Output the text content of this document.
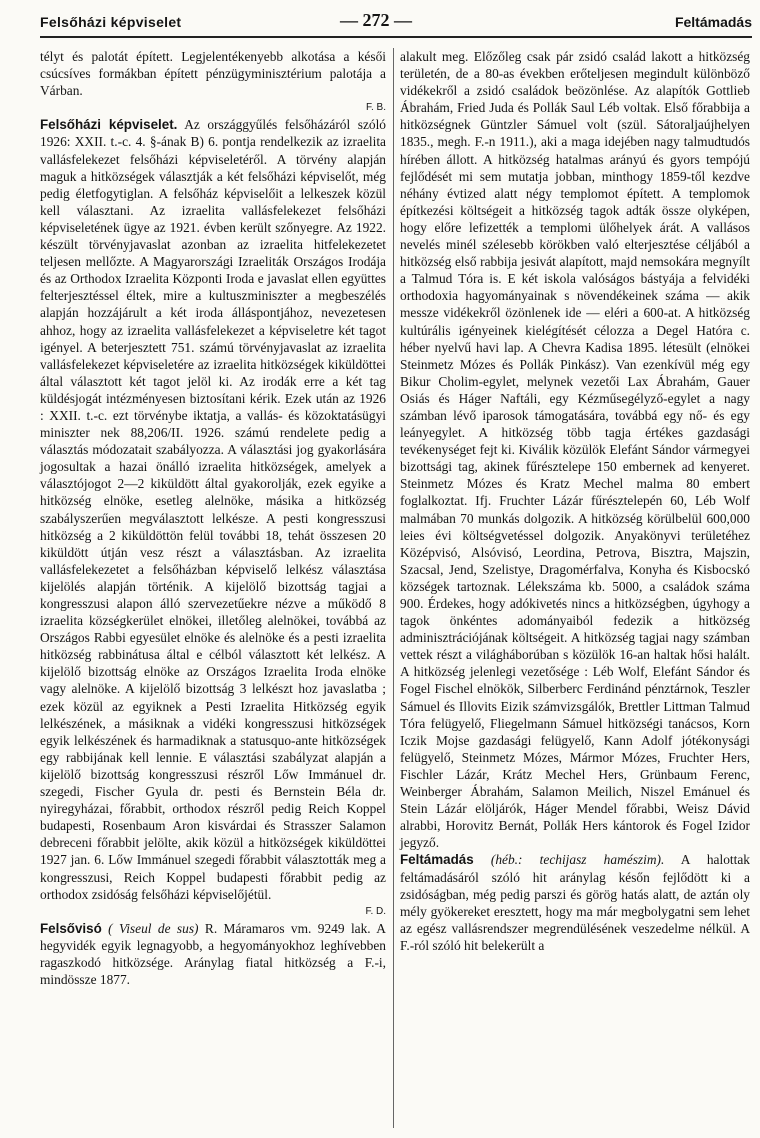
Felsőházi képviselet	— 272 —	Feltámadás

télyt és palotát épített. Legjelentékenyebb alkotása a késői csúcsíves formákban épített pénzügyminisztérium palotája a Várban.
F. B.

Felsőházi képviselet. Az országgyűlés felsőházáról szóló 1926: XXII. t.-c. 4. §-ának B) 6. pontja rendelkezik az izraelita vallásfelekezet felsőházi képviseletéről. A törvény alapján maguk a hitközségek választják a két felsőházi képviselőt, még pedig életfogytiglan. A felsőház képviselőit a lelkeszek közül kell választani. Az izraelita vallásfelekezet felsőházi képviseletének ügye az 1921. évben került szőnyegre. Az 1922. készült törvényjavaslat azonban az izraelita hitfelekezetet teljesen mellőzte. A Magyarországi Izraeliták Országos Irodája és az Orthodox Izraelita Központi Iroda e javaslat ellen együttes felterjesztéssel éltek, mire a kultuszminiszter a megbeszélés alapján hozzájárult a két iroda álláspontjához, nevezetesen ahhoz, hogy az izraelita vallásfelekezet a képviseletre két tagot igényel. A beterjesztett 751. számú törvényjavaslat az izraelita vallásfelekezet képviseletére az izraelita hitközségek kiküldöttei által választott két tagot jelöl ki. Az irodák erre a két tag küldésjogát intézményesen biztosítani kérik. Ezek után az 1926 : XXII. t.-c. ezt törvénybe iktatja, a vallás- és közoktatásügyi miniszter nek 88,206/II. 1926. számú rendelete pedig a választás módozatait szabályozza. A választási jog gyakorlására jogosultak a hazai önálló izraelita hitközségek, amelyek a választójogot 2—2 kiküldött által gyakorolják, ezek egyike a hitközség elnöke, esetleg alelnöke, másika a hitközség szabályszerűen megválasztott lelkésze. A pesti kongresszusi hitközség a 2 kiküldöttön felül további 18, tehát összesen 20 kiküldött útján vesz részt a választásban. Az izraelita vallásfelekezetet a felsőházban képviselő lelkész választása kijelölés alapján történik. A kijelölő bizottság tagjai a kongresszusi alapon álló szervezetűekre nézve a működő 8 izraelita községkerület elnökei, illetőleg alelnökei, továbbá az Országos Rabbi egyesület elnöke és alelnöke és a pesti izraelita hitközség rabbinátusa által e célból választott két lelkész. A kijelölő bizottság elnöke az Országos Izraelita Iroda elnöke vagy alelnöke. A kijelölő bizottság 3 lelkészt hoz javaslatba ; ezek közül az egyiknek a Pesti Izraelita Hitközség egyik lelkészének, a másiknak a vidéki kongresszusi hitközségek egyik lelkészének és harmadiknak a statusquo-ante hitközségek egy rabbijának kell lennie. E választási szabályzat alapján a kijelölő bizottság kongresszusi részről Lőw Immánuel dr. szegedi, Fischer Gyula dr. pesti és Bernstein Béla dr. nyiregyházai, főrabbit, orthodox részről pedig Reich Koppel budapesti, Rosenbaum Aron kisvárdai és Strasszer Salamon debreceni főrabbit jelölte, akik közül a hitközségek kiküldöttei 1927 jan. 6. Lőw Immánuel szegedi főrabbit választották meg a kongresszusi, Reich Koppel budapesti főrabbit pedig az orthodox zsidóság felsőházi képviselőjétül.
F. D.

Felsővisó ( Viseul de sus) R. Máramaros vm. 9249 lak. A hegyvidék egyik legnagyobb, a hegyományokhoz leghívebben ragaszkodó hitközsége. Aránylag fiatal hitközség a F.-i, mindössze 1877.

alakult meg. Előzőleg csak pár zsidó család lakott a hitközség területén, de a 80-as években erőteljesen megindult különböző vidékekről a zsidó családok beözönlése. Az alapítók Gottlieb Ábrahám, Fried Juda és Pollák Saul Léb voltak. Első főrabbija a hitközségnek Güntzler Sámuel volt (szül. Sátoraljaújhelyen 1835., megh. F.-n 1911.), aki a maga idejében nagy talmudtudós hírében állott. A hitközség hatalmas arányú és gyors tempójú fejlődését mi sem mutatja jobban, minthogy 1859-től kezdve néhány évtized alatt négy templomot épített. A templomok építkezési költségeit a hitközség tagok adták össze olyképen, hogy előre lefizették a templomi ülőhelyek árát. A vallásos nevelés minél szélesebb körökben való elterjesztése céljából a hitközség első rabbija jesivát alapított, majd nemsokára megnyílt a Talmud Tóra is. E két iskola valóságos bástyája a felvidéki orthodoxia hagyományainak s növendékeinek száma — akik messze vidékekről özönlenek ide — eléri a 600-at. A hitközség kultúrális igényeinek kielégítését célozza a Degel Hatóra c. héber nyelvű havi lap. A Chevra Kadisa 1895. létesült (elnökei Steinmetz Mózes és Pollák Pinkász). Van ezenkívül még egy Bikur Cholim-egylet, melynek vezetői Lax Ábrahám, Gauer Osiás és Háger Naftáli, egy Kézműsegélyző-egylet a nagy számban lévő iparosok támogatására, továbbá egy nő- és egy leányegylet. A hitközség több tagja értékes gazdasági tevékenységet fejt ki. Kiválik közülök Elefánt Sándor vármegyei bizottsági tag, akinek fűrésztelepe 150 embernek ad kenyeret. Steinmetz Mózes és Kratz Mechel malma 80 embert foglalkoztat. Ifj. Fruchter Lázár fűrésztelepén 60, Léb Wolf malmában 70 munkás dolgozik. A hitközség körülbelül 600,000 leies évi költségvetéssel dolgozik. Anyakönyvi területéhez Középvisó, Alsóvisó, Leordina, Petrova, Bisztra, Majszin, Szacsal, Jend, Szelistye, Dragomérfalva, Konyha és Kisbocskó községek tartoznak. Lélekszáma kb. 5000, a családok száma 900. Érdekes, hogy adókivetés nincs a hitközségben, úgyhogy a tagok önkéntes adományaiból fedezik a hitközség adminisztrációjának költségeit. A hitközség tagjai nagy számban vettek részt a világháborúban s közülök 16-an haltak hősi halált. A hitközség jelenlegi vezetősége : Léb Wolf, Elefánt Sándor és Fogel Fischel elnökök, Silberberc Ferdinánd pénztárnok, Teszler Sámuel és Illovits Eizik számvizsgálók, Brettler Littman Talmud Tóra felügyelő, Fliegelmann Sámuel hitközségi tanácsos, Korn Iczik Mojse gazdasági felügyelő, Kann Adolf jótékonysági felügyelő, Steinmetz Mózes, Mármor Mózes, Fruchter Hers, Fischler Lázár, Krátz Mechel Hers, Grünbaum Ferenc, Weinberger Ábrahám, Salamon Meilich, Niszel Emánuel és Stein Lázár elöljárók, Háger Mendel főrabbi, Weisz Dávid alrabbi, Horovitz Bernát, Pollák Hers kántorok és Fogel Izidor jegyző.

Feltámadás (héb.: techijasz hamészim). A halottak feltámadásáról szóló hit aránylag későn fejlődött ki a zsidóságban, még pedig parszi és görög hatás alatt, de aztán oly mély gyökereket eresztett, hogy ma már megbolygatni sem lehet az egész vallásrendszer megrendülésének veszedelme nélkül. A F.-ról szóló hit belekerült a
